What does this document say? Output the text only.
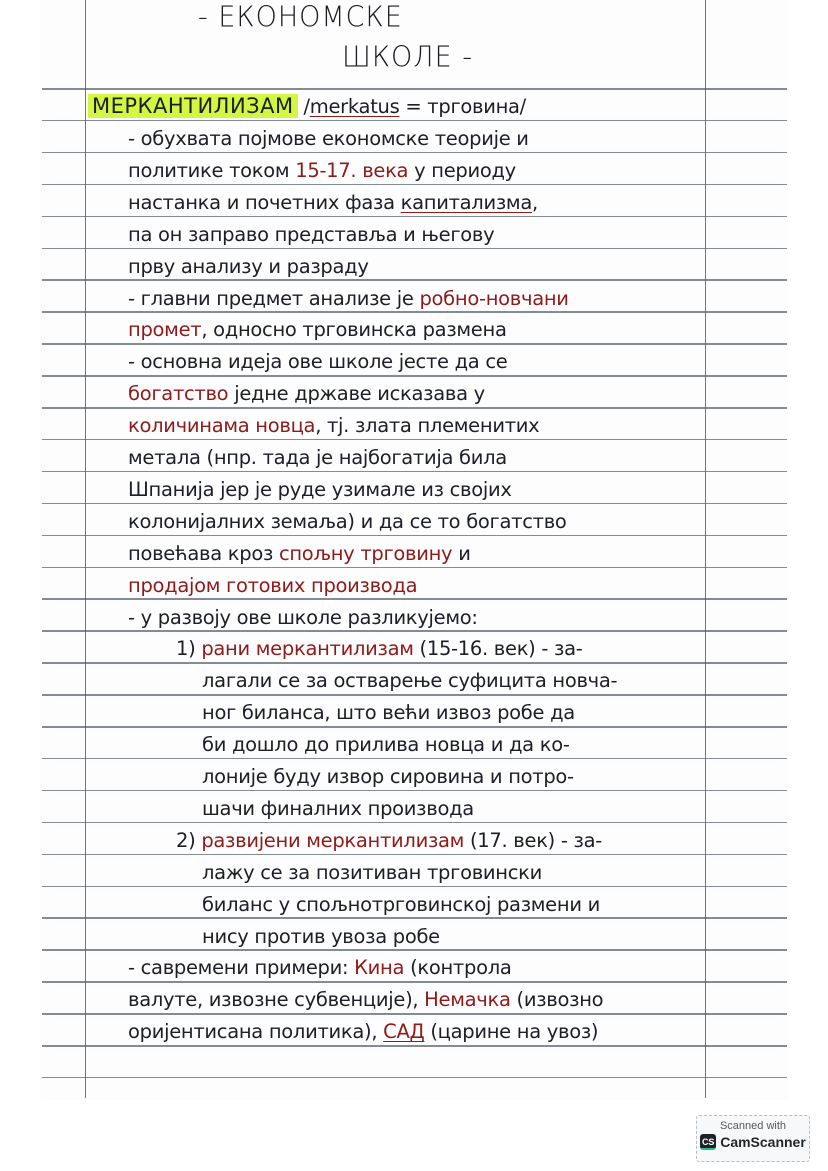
- ЕКОНОМСКЕ
ШКОЛЕ -
МЕРКАНТИЛИЗАМ /merkatus = трговина/
- обухвата појмове економске теорије и
политике током 15-17. века у периоду
настанка и почетних фаза капитализма,
па он заправо представља и његову
прву анализу и разраду
- главни предмет анализе је робно-новчани
промет, односно трговинска размена
- основна идеја ове школе јесте да се
богатство једне државе исказава у
количинама новца, тј. злата племенитих
метала (нпр. тада је најбогатија била
Шпанија јер је руде узимале из својих
колонијалних земаља) и да се то богатство
повећава кроз спољну трговину и
продајом готових производа
- у развоју ове школе разликујемо:
1) рани меркантилизам (15-16. век) - за-
лагали се за остварење суфицита новча-
ног биланса, што већи извоз робе да
би дошло до прилива новца и да ко-
лоније буду извор сировина и потро-
шачи финалних производа
2) развијени меркантилизам (17. век) - за-
лажу се за позитиван трговински
биланс у спољнотрговинској размени и
нису против увоза робе
- савремени примери: Кина (контрола
валуте, извозне субвенције), Немачка (извозно
оријентисана политика), САД (царине на увоз)
Scanned with
CS CamScanner
